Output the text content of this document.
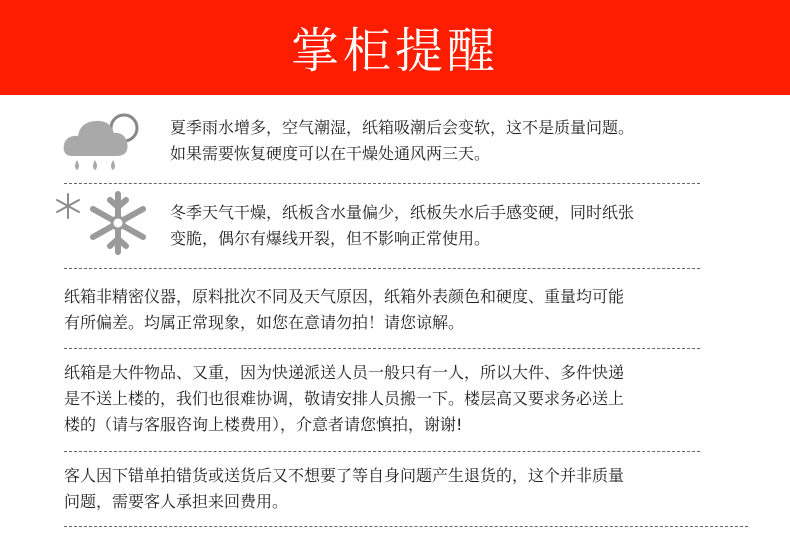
掌柜提醒
夏季雨水增多，空气潮湿，纸箱吸潮后会变软，这不是质量问题。
如果需要恢复硬度可以在干燥处通风两三天。
冬季天气干燥，纸板含水量偏少，纸板失水后手感变硬，同时纸张
变脆，偶尔有爆线开裂，但不影响正常使用。
纸箱非精密仪器，原料批次不同及天气原因，纸箱外表颜色和硬度、重量均可能
有所偏差。均属正常现象，如您在意请勿拍！请您谅解。
纸箱是大件物品、又重，因为快递派送人员一般只有一人，所以大件、多件快递
是不送上楼的，我们也很难协调，敬请安排人员搬一下。楼层高又要求务必送上
楼的（请与客服咨询上楼费用），介意者请您慎拍，谢谢!
客人因下错单拍错货或送货后又不想要了等自身问题产生退货的，这个并非质量
问题，需要客人承担来回费用。
